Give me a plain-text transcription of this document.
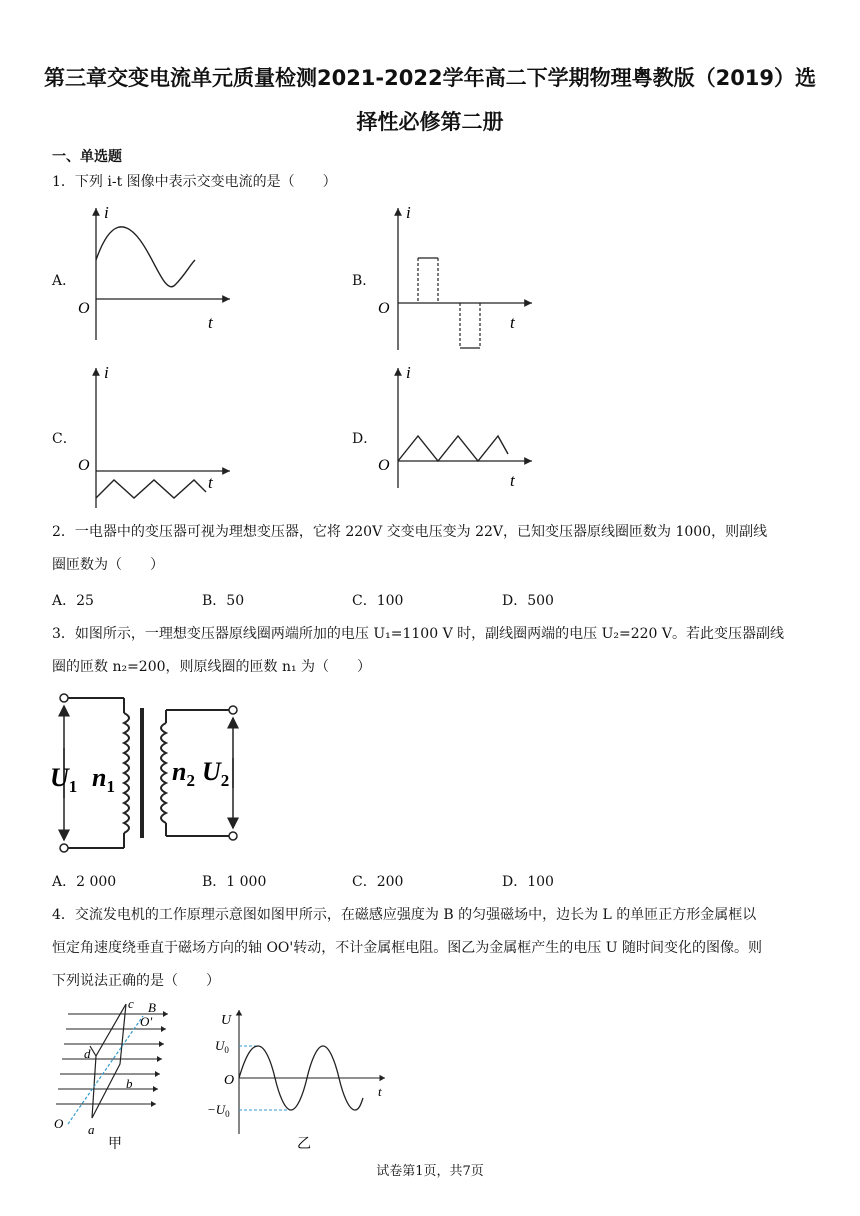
第三章交变电流单元质量检测2021-2022学年高二下学期物理粤教版（2019）选
择性必修第二册
一、单选题
1．下列 i-t 图像中表示交变电流的是（　　）
A．	B．
C．	D．
i
t
O
i
t
O
i
t
O
i
t
O
2．一电器中的变压器可视为理想变压器，它将 220V 交变电压变为 22V，已知变压器原线圈匝数为 1000，则副线
圈匝数为（　　）
A．25	B．50	C．100	D．500
3．如图所示，一理想变压器原线圈两端所加的电压 U₁=1100 V 时，副线圈两端的电压 U₂=220 V。若此变压器副线
圈的匝数 n₂=200，则原线圈的匝数 n₁ 为（　　）
$U_1$ $n_1$
$n_2$ $U_2$
A．2 000	B．1 000	C．200	D．100
4．交流发电机的工作原理示意图如图甲所示，在磁感应强度为 B 的匀强磁场中，边长为 L 的单匝正方形金属框以
恒定角速度绕垂直于磁场方向的轴 OO'转动，不计金属框电阻。图乙为金属框产生的电压 U 随时间变化的图像。则
下列说法正确的是（　　）
c B
O'
d
b
a
O
甲
U
t
O
$U_0$
$-U_0$
乙
试卷第1页，共7页
